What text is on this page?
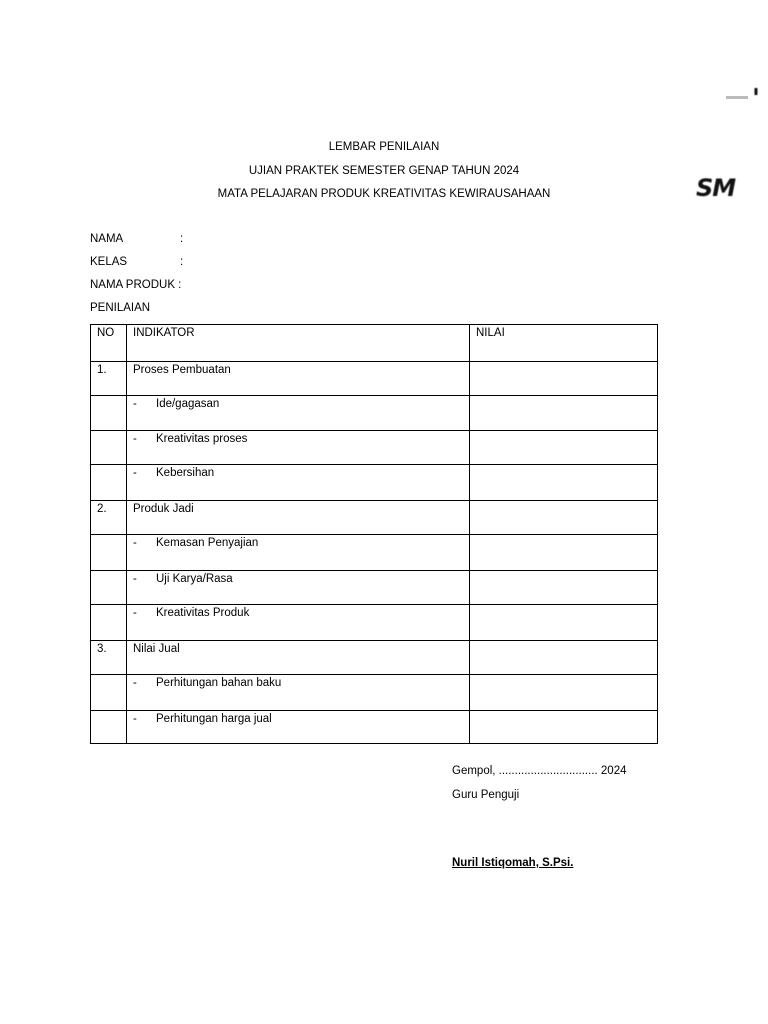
'
SM
LEMBAR PENILAIAN
UJIAN PRAKTEK SEMESTER GENAP TAHUN 2024
MATA PELAJARAN PRODUK KREATIVITAS KEWIRAUSAHAAN
NAMA	:
KELAS	:
NAMA PRODUK :
PENILAIAN
NO	INDIKATOR	NILAI
1.	Proses Pembuatan	
	- Ide/gagasan	
	- Kreativitas proses	
	- Kebersihan	
2.	Produk Jadi	
	- Kemasan Penyajian	
	- Uji Karya/Rasa	
	- Kreativitas Produk	
3.	Nilai Jual	
	- Perhitungan bahan baku	
	- Perhitungan harga jual	
Gempol, ............................... 2024
Guru Penguji
Nuril Istiqomah, S.Psi.
